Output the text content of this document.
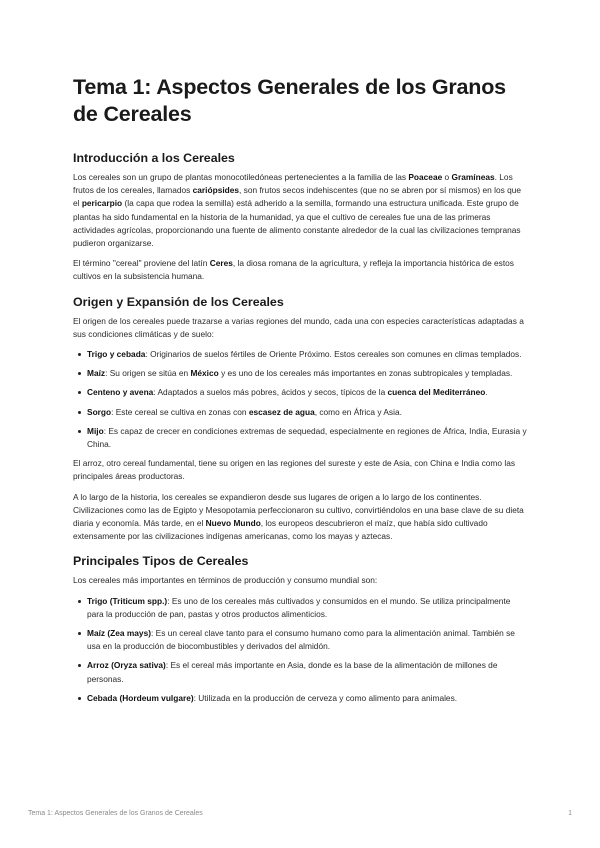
Tema 1: Aspectos Generales de los Granos de Cereales
Introducción a los Cereales

Los cereales son un grupo de plantas monocotiledóneas pertenecientes a la familia de las Poaceae o Gramíneas. Los frutos de los cereales, llamados cariópsides, son frutos secos indehiscentes (que no se abren por sí mismos) en los que el pericarpio (la capa que rodea la semilla) está adherido a la semilla, formando una estructura unificada. Este grupo de plantas ha sido fundamental en la historia de la humanidad, ya que el cultivo de cereales fue una de las primeras actividades agrícolas, proporcionando una fuente de alimento constante alrededor de la cual las civilizaciones tempranas pudieron organizarse.

El término "cereal" proviene del latín Ceres, la diosa romana de la agricultura, y refleja la importancia histórica de estos cultivos en la subsistencia humana.

Origen y Expansión de los Cereales

El origen de los cereales puede trazarse a varias regiones del mundo, cada una con especies características adaptadas a sus condiciones climáticas y de suelo:

Trigo y cebada: Originarios de suelos fértiles de Oriente Próximo. Estos cereales son comunes en climas templados.
Maíz: Su origen se sitúa en México y es uno de los cereales más importantes en zonas subtropicales y templadas.
Centeno y avena: Adaptados a suelos más pobres, ácidos y secos, típicos de la cuenca del Mediterráneo.
Sorgo: Este cereal se cultiva en zonas con escasez de agua, como en África y Asia.
Mijo: Es capaz de crecer en condiciones extremas de sequedad, especialmente en regiones de África, India, Eurasia y China.

El arroz, otro cereal fundamental, tiene su origen en las regiones del sureste y este de Asia, con China e India como las principales áreas productoras.

A lo largo de la historia, los cereales se expandieron desde sus lugares de origen a lo largo de los continentes. Civilizaciones como las de Egipto y Mesopotamia perfeccionaron su cultivo, convirtiéndolos en una base clave de su dieta diaria y economía. Más tarde, en el Nuevo Mundo, los europeos descubrieron el maíz, que había sido cultivado extensamente por las civilizaciones indígenas americanas, como los mayas y aztecas.

Principales Tipos de Cereales

Los cereales más importantes en términos de producción y consumo mundial son:

Trigo (Triticum spp.): Es uno de los cereales más cultivados y consumidos en el mundo. Se utiliza principalmente para la producción de pan, pastas y otros productos alimenticios.
Maíz (Zea mays): Es un cereal clave tanto para el consumo humano como para la alimentación animal. También se usa en la producción de biocombustibles y derivados del almidón.
Arroz (Oryza sativa): Es el cereal más importante en Asia, donde es la base de la alimentación de millones de personas.
Cebada (Hordeum vulgare): Utilizada en la producción de cerveza y como alimento para animales.
Tema 1: Aspectos Generales de los Granos de Cereales	1
